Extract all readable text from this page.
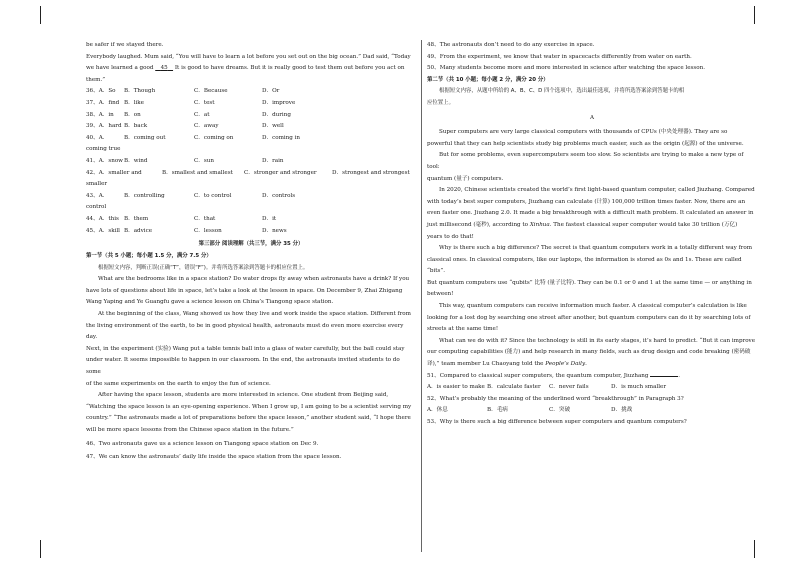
be safer if we stayed there.

Everybody laughed. Mum said, “You will have to learn a lot before you set out on the big ocean.” Dad said, “Today

we have learned a good 45 It is good to have dreams. But it is really good to test them out before you act on

them.”

36、A．So	B．Though	C．Because	D．Or
37、A．find B．like	C．test	D．improve
38、A．in	B．on	C．at	D．during
39、A．hard B．back	C．away	D．well
40、A．coming true
B．coming out	C．coming on	D．coming in
41、A．snow B．wind	C．sun	D．rain
42、A．smaller and smaller
B．smallest and smallest	C．stronger and stronger	D．strongest and strongest
43、A．control
B．controlling	C．to control	D．controls
44、A．this B．them	C．that	D．it
45、A．skill B．advice	C．lesson	D．news

第三部分 阅读理解（共三节，满分 35 分）

第一节（共 5 小题；每小题 1.5 分，满分 7.5 分）

根据短文内容，判断正误(正确“T”，错误“F”)。并将所选答案涂到答题卡的相应位置上。

What are the bedrooms like in a space station? Do water drops fly away when astronauts have a drink? If you

have lots of questions about life in space, let’s take a look at the lesson in space. On December 9, Zhai Zhigang

Wang Yaping and Ye Guangfu gave a science lesson on China’s Tiangong space station.

At the beginning of the class, Wang showed us how they live and work inside the space station. Different from

the living environment of the earth, to be in good physical health, astronauts must do even more exercise every day.

Next, in the experiment (实验) Wang put a table tennis ball into a glass of water carefully, but the ball could stay

under water. It seems impossible to happen in our classroom. In the end, the astronauts invited students to do some

of the same experiments on the earth to enjoy the fun of science.

After having the space lesson, students are more interested in science. One student from Beijing said,

“Watching the space lesson is an eye-opening experience. When I grow up, I am going to be a scientist serving my

country.” “The astronauts made a lot of preparations before the space lesson,” another student said, “I hope there

will be more space lessons from the Chinese space station in the future.”

46、Two astronauts gave us a science lesson on Tiangong space station on Dec 9.

47、We can know the astronauts’ daily life inside the space station from the space lesson.

48、The astronauts don’t need to do any exercise in space.

49、From the experiment, we know that water in spacecacts differently from water on earth.

50、Many students become more and more interested in science after watching the space lesson.

第二节（共 10 小题；每小题 2 分，满分 20 分）

根据短文内容，从题中所给的 A、B、C、D 四个选项中，选出最佳选项，并将所选答案涂到答题卡的相

应位置上。

A

Super computers are very large classical computers with thousands of CPUs (中央处理器). They are so

powerful that they can help scientists study big problems much easier, such as the origin (起源) of the universe.

But for some problems, even supercomputers seem too slow. So scientists are trying to make a new type of tool:

quantum (量子) computers.

In 2020, Chinese scientists created the world’s first light-based quantum computer, called Jiuzhang. Compared

with today’s best super computers, Jiuzhang can calculate (计算) 100,000 trillion times faster. Now, there are an

even faster one. Jiuzhang 2.0. It made a big breakthrough with a difficult math problem. It calculated an answer in

just millisecond (毫秒), according to Xinhua. The fastest classical super computer would take 30 trillion (万亿)

years to do that!

Why is there such a big difference? The secret is that quantum computers work in a totally different way from

classical ones. In classical computers, like our laptops, the information is stored as 0s and 1s. These are called “bits”.

But quantum computers use “qubits” 比特 (量子比特). They can be 0.1 or 0 and 1 at the same time — or anything in

between!

This way, quantum computers can receive information much faster. A classical computer’s calculation is like

looking for a lost dog by searching one street after another, but quantum computers can do it by searching lots of

streets at the same time!

What can we do with it? Since the technology is still in its early stages, it’s hard to predict. “But it can improve

our computing capabilities (能力) and help research in many fields, such as drug design and code breaking (密码破

译),” team member Lu Chaoyang told the People’s Daily.

51、Compared to classical super computers, the quantum computer, Jiuzhang	.

A．is easier to make B．calculate faster	C．never fails	D．is much smaller

52、What’s probably the meaning of the underlined word “breakthrough” in Paragraph 3?

A．休息	B．毛病	C．突破	D．挑战

53、Why is there such a big difference between super computers and quantum computers?
